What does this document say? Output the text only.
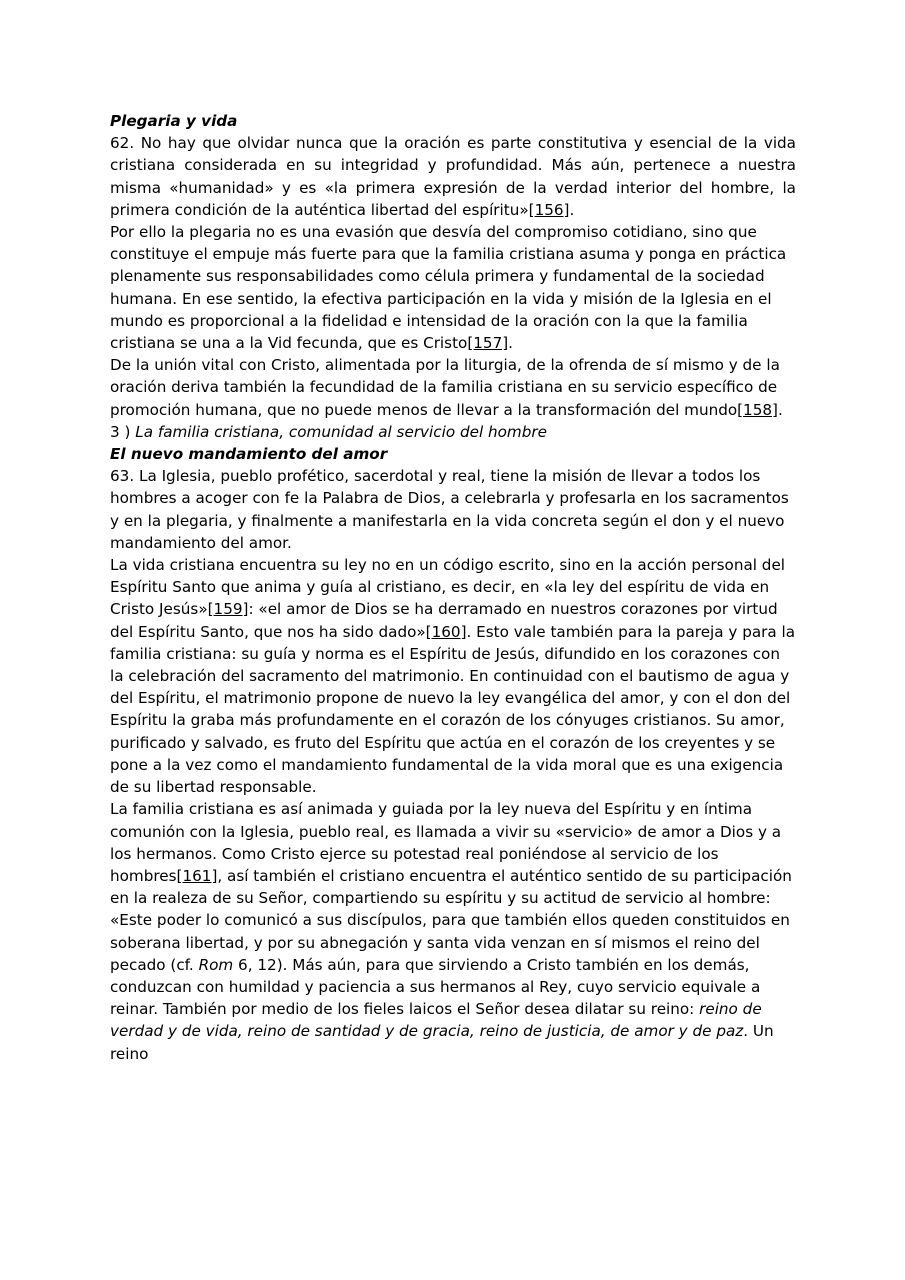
Plegaria y vida

62. No hay que olvidar nunca que la oración es parte constitutiva y esencial de la vida cristiana considerada en su integridad y profundidad. Más aún, pertenece a nuestra misma «humanidad» y es «la primera expresión de la verdad interior del hombre, la primera condición de la auténtica libertad del espíritu»[156].

Por ello la plegaria no es una evasión que desvía del compromiso cotidiano, sino que constituye el empuje más fuerte para que la familia cristiana asuma y ponga en práctica plenamente sus responsabilidades como célula primera y fundamental de la sociedad humana. En ese sentido, la efectiva participación en la vida y misión de la Iglesia en el mundo es proporcional a la fidelidad e intensidad de la oración con la que la familia cristiana se una a la Vid fecunda, que es Cristo[157].

De la unión vital con Cristo, alimentada por la liturgia, de la ofrenda de sí mismo y de la oración deriva también la fecundidad de la familia cristiana en su servicio específico de promoción humana, que no puede menos de llevar a la transformación del mundo[158].

3 ) La familia cristiana, comunidad al servicio del hombre
El nuevo mandamiento del amor

63. La Iglesia, pueblo profético, sacerdotal y real, tiene la misión de llevar a todos los hombres a acoger con fe la Palabra de Dios, a celebrarla y profesarla en los sacramentos y en la plegaria, y finalmente a manifestarla en la vida concreta según el don y el nuevo mandamiento del amor.

La vida cristiana encuentra su ley no en un código escrito, sino en la acción personal del Espíritu Santo que anima y guía al cristiano, es decir, en «la ley del espíritu de vida en Cristo Jesús»[159]: «el amor de Dios se ha derramado en nuestros corazones por virtud del Espíritu Santo, que nos ha sido dado»[160]. Esto vale también para la pareja y para la familia cristiana: su guía y norma es el Espíritu de Jesús, difundido en los corazones con la celebración del sacramento del matrimonio. En continuidad con el bautismo de agua y del Espíritu, el matrimonio propone de nuevo la ley evangélica del amor, y con el don del Espíritu la graba más profundamente en el corazón de los cónyuges cristianos. Su amor, purificado y salvado, es fruto del Espíritu que actúa en el corazón de los creyentes y se pone a la vez como el mandamiento fundamental de la vida moral que es una exigencia de su libertad responsable.

La familia cristiana es así animada y guiada por la ley nueva del Espíritu y en íntima comunión con la Iglesia, pueblo real, es llamada a vivir su «servicio» de amor a Dios y a los hermanos. Como Cristo ejerce su potestad real poniéndose al servicio de los hombres[161], así también el cristiano encuentra el auténtico sentido de su participación en la realeza de su Señor, compartiendo su espíritu y su actitud de servicio al hombre: «Este poder lo comunicó a sus discípulos, para que también ellos queden constituidos en soberana libertad, y por su abnegación y santa vida venzan en sí mismos el reino del pecado (cf. Rom 6, 12). Más aún, para que sirviendo a Cristo también en los demás, conduzcan con humildad y paciencia a sus hermanos al Rey, cuyo servicio equivale a reinar. También por medio de los fieles laicos el Señor desea dilatar su reino: reino de verdad y de vida, reino de santidad y de gracia, reino de justicia, de amor y de paz. Un reino
